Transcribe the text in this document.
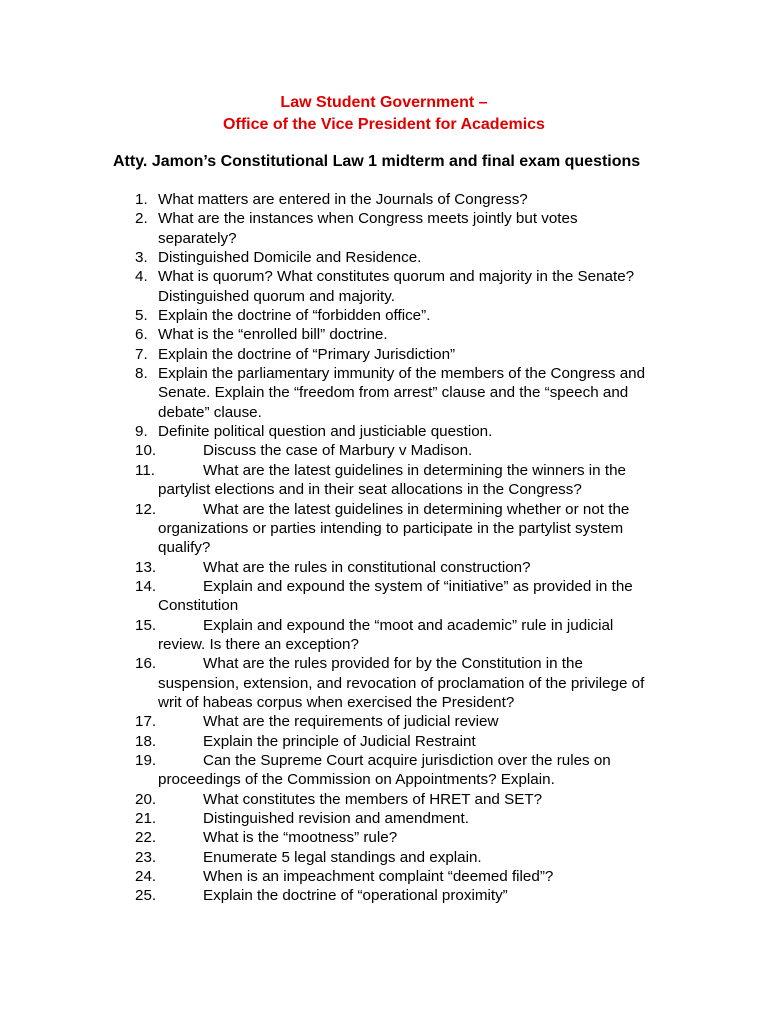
Law Student Government –
Office of the Vice President for Academics
Atty. Jamon’s Constitutional Law 1 midterm and final exam questions
1. What matters are entered in the Journals of Congress?
2. What are the instances when Congress meets jointly but votes separately?
3. Distinguished Domicile and Residence.
4. What is quorum? What constitutes quorum and majority in the Senate? Distinguished quorum and majority.
5. Explain the doctrine of “forbidden office”.
6. What is the “enrolled bill” doctrine.
7. Explain the doctrine of “Primary Jurisdiction”
8. Explain the parliamentary immunity of the members of the Congress and Senate. Explain the “freedom from arrest” clause and the “speech and debate” clause.
9. Definite political question and justiciable question.
10.	Discuss the case of Marbury v Madison.
11.	What are the latest guidelines in determining the winners in the partylist elections and in their seat allocations in the Congress?
12.	What are the latest guidelines in determining whether or not the organizations or parties intending to participate in the partylist system qualify?
13.	What are the rules in constitutional construction?
14.	Explain and expound the system of “initiative” as provided in the Constitution
15.	Explain and expound the “moot and academic” rule in judicial review. Is there an exception?
16.	What are the rules provided for by the Constitution in the suspension, extension, and revocation of proclamation of the privilege of writ of habeas corpus when exercised the President?
17.	What are the requirements of judicial review
18.	Explain the principle of Judicial Restraint
19.	Can the Supreme Court acquire jurisdiction over the rules on proceedings of the Commission on Appointments? Explain.
20.	What constitutes the members of HRET and SET?
21.	Distinguished revision and amendment.
22.	What is the “mootness” rule?
23.	Enumerate 5 legal standings and explain.
24.	When is an impeachment complaint “deemed filed”?
25.	Explain the doctrine of “operational proximity”
